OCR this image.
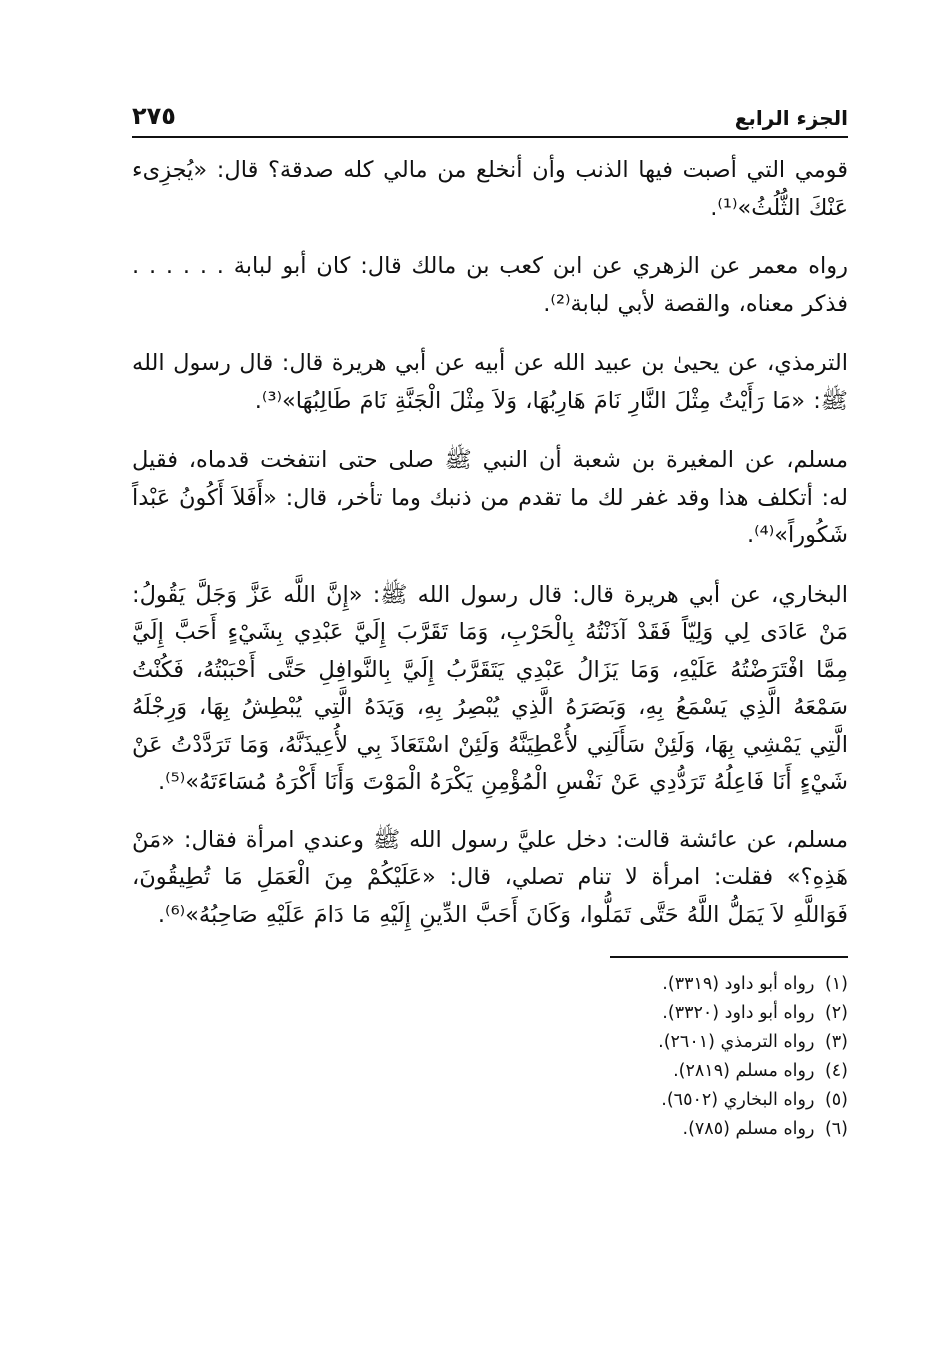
الجزء الرابع
٢٧٥

قومي التي أصبت فيها الذنب وأن أنخلع من مالي كله صدقة؟ قال: «يُجزِىء عَنْكَ الثُّلُثُ»⁽¹⁾.

رواه معمر عن الزهري عن ابن كعب بن مالك قال: كان أبو لبابة . . . . . . فذكر معناه، والقصة لأبي لبابة⁽²⁾.

الترمذي، عن يحيىٰ بن عبيد الله عن أبيه عن أبي هريرة قال: قال رسول الله ﷺ: «مَا رَأَيْتُ مِثْلَ النَّارِ نَامَ هَارِبُهَا، وَلاَ مِثْلَ الْجَنَّةِ نَامَ طَالِبُهَا»⁽³⁾.

مسلم، عن المغيرة بن شعبة أن النبي ﷺ صلى حتى انتفخت قدماه، فقيل له: أتكلف هذا وقد غفر لك ما تقدم من ذنبك وما تأخر، قال: «أَفَلاَ أَكُونُ عَبْداً شَكُوراً»⁽⁴⁾.

البخاري، عن أبي هريرة قال: قال رسول الله ﷺ: «إِنَّ اللَّه عَزَّ وَجَلَّ يَقُولُ: مَنْ عَادَى لِي وَلِيّاً فَقَدْ آذَنْتُهُ بِالْحَرْبِ، وَمَا تَقَرَّبَ إِلَيَّ عَبْدِي بِشَيْءٍ أَحَبَّ إِلَيَّ مِمَّا افْتَرَضْتُهُ عَلَيْهِ، وَمَا يَزَالُ عَبْدِي يَتَقَرَّبُ إِلَيَّ بِالنَّوافِلِ حَتَّى أَحْبَبْتُهُ، فَكُنْتُ سَمْعَهُ الَّذِي يَسْمَعُ بِهِ، وَبَصَرَهُ الَّذِي يُبْصِرُ بِهِ، وَيَدَهُ الَّتِي يُبْطِشُ بِهَا، وَرِجْلَهُ الَّتِي يَمْشِي بِهَا، وَلَئِنْ سَأَلَنِي لأُعْطِيَنَّهُ وَلَئِنْ اسْتَعَاذَ بِي لأُعِيذَنَّهُ، وَمَا تَرَدَّدْتُ عَنْ شَيْءٍ أَنَا فَاعِلُهُ تَرَدُّدِي عَنْ نَفْسِ الْمُؤْمِنِ يَكْرَهُ الْمَوْتَ وَأَنَا أَكْرَهُ مُسَاءَتَهُ»⁽⁵⁾.

مسلم، عن عائشة قالت: دخل عليَّ رسول الله ﷺ وعندي امرأة فقال: «مَنْ هَذِهِ؟» فقلت: امرأة لا تنام تصلي، قال: «عَلَيْكُمْ مِنَ الْعَمَلِ مَا تُطِيقُونَ، فَوَاللَّهِ لاَ يَمَلُّ اللَّهُ حَتَّى تَمَلُّوا، وَكَانَ أَحَبَّ الدِّينِ إِلَيْهِ مَا دَامَ عَلَيْهِ صَاحِبُهُ»⁽⁶⁾.

(١) رواه أبو داود (٣٣١٩).
(٢) رواه أبو داود (٣٣٢٠).
(٣) رواه الترمذي (٢٦٠١).
(٤) رواه مسلم (٢٨١٩).
(٥) رواه البخاري (٦٥٠٢).
(٦) رواه مسلم (٧٨٥).
